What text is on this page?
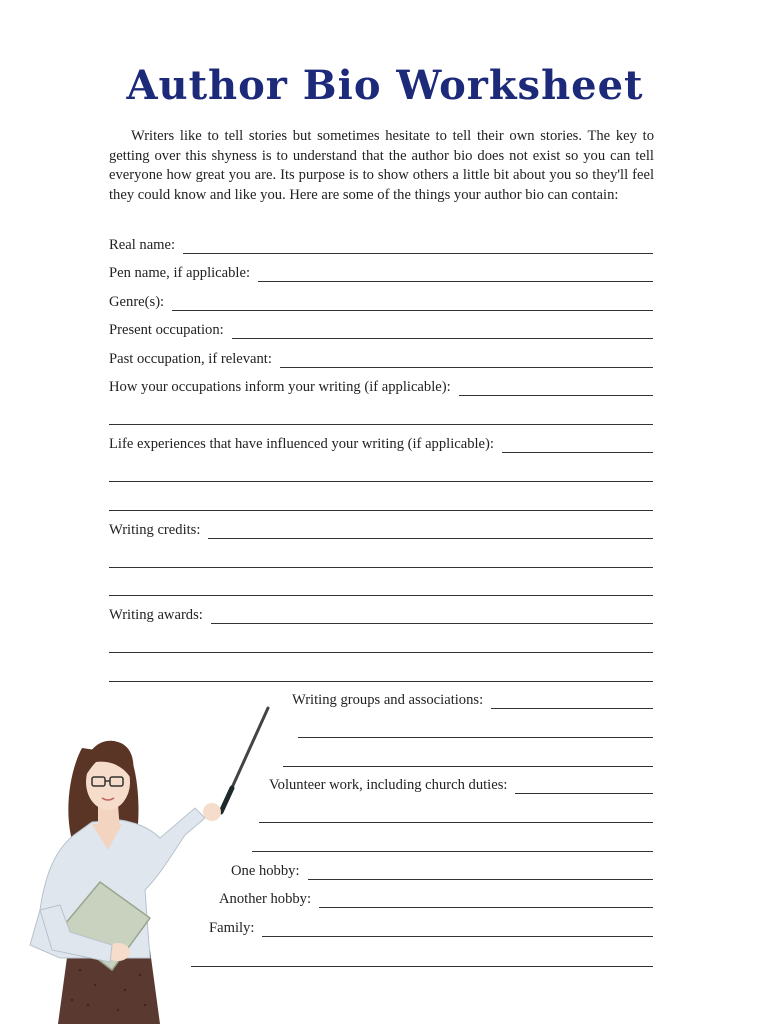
Author Bio Worksheet
Writers like to tell stories but sometimes hesitate to tell their own stories. The key to getting over this shyness is to understand that the author bio does not exist so you can tell everyone how great you are. Its purpose is to show others a little bit about you so they'll feel they could know and like you. Here are some of the things your author bio can contain:
Real name:
Pen name, if applicable:
Genre(s):
Present occupation:
Past occupation, if relevant:
How your occupations inform your writing (if applicable):
Life experiences that have influenced your writing (if applicable):
Writing credits:
Writing awards:
Writing groups and associations:
Volunteer work, including church duties:
One hobby:
Another hobby:
Family:
